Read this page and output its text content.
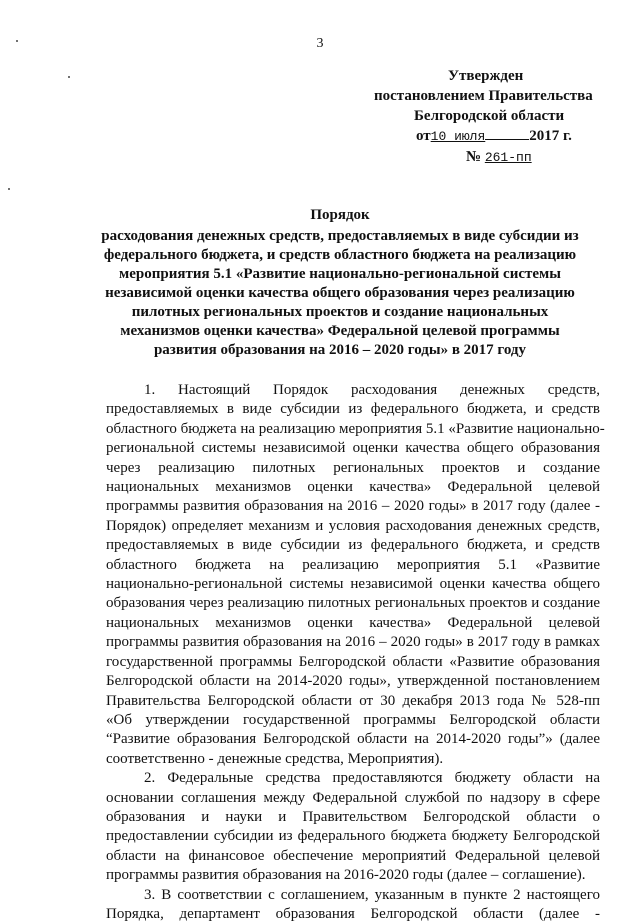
3
Утвержден
постановлением Правительства
Белгородской области
от10 июля	2017 г.
№ 261-пп
Порядок
расходования денежных средств, предоставляемых в виде субсидии из
федерального бюджета, и средств областного бюджета на реализацию
мероприятия 5.1 «Развитие национально-региональной системы
независимой оценки качества общего образования через реализацию
пилотных региональных проектов и создание национальных
механизмов оценки качества» Федеральной целевой программы
развития образования на 2016 – 2020 годы» в 2017 году

1. Настоящий Порядок расходования денежных средств,
предоставляемых в виде субсидии из федерального бюджета, и средств
областного бюджета на реализацию мероприятия 5.1 «Развитие национально-
региональной системы независимой оценки качества общего образования
через реализацию пилотных региональных проектов и создание
национальных механизмов оценки качества» Федеральной целевой
программы развития образования на 2016 – 2020 годы» в 2017 году (далее -
Порядок) определяет механизм и условия расходования денежных средств,
предоставляемых в виде субсидии из федерального бюджета, и средств
областного бюджета на реализацию мероприятия 5.1 «Развитие
национально-региональной системы независимой оценки качества общего
образования через реализацию пилотных региональных проектов и создание
национальных механизмов оценки качества» Федеральной целевой
программы развития образования на 2016 – 2020 годы» в 2017 году в рамках
государственной программы Белгородской области «Развитие образования
Белгородской области на 2014-2020 годы», утвержденной постановлением
Правительства Белгородской области от 30 декабря 2013 года № 528-пп
«Об утверждении государственной программы Белгородской области
“Развитие образования Белгородской области на 2014-2020 годы”» (далее
соответственно - денежные средства, Мероприятия).

2. Федеральные средства предоставляются бюджету области на
основании соглашения между Федеральной службой по надзору в сфере
образования и науки и Правительством Белгородской области о
предоставлении субсидии из федерального бюджета бюджету Белгородской
области на финансовое обеспечение мероприятий Федеральной целевой
программы развития образования на 2016-2020 годы (далее – соглашение).

3. В соответствии с соглашением, указанным в пункте 2 настоящего
Порядка, департамент образования Белгородской области (далее -
